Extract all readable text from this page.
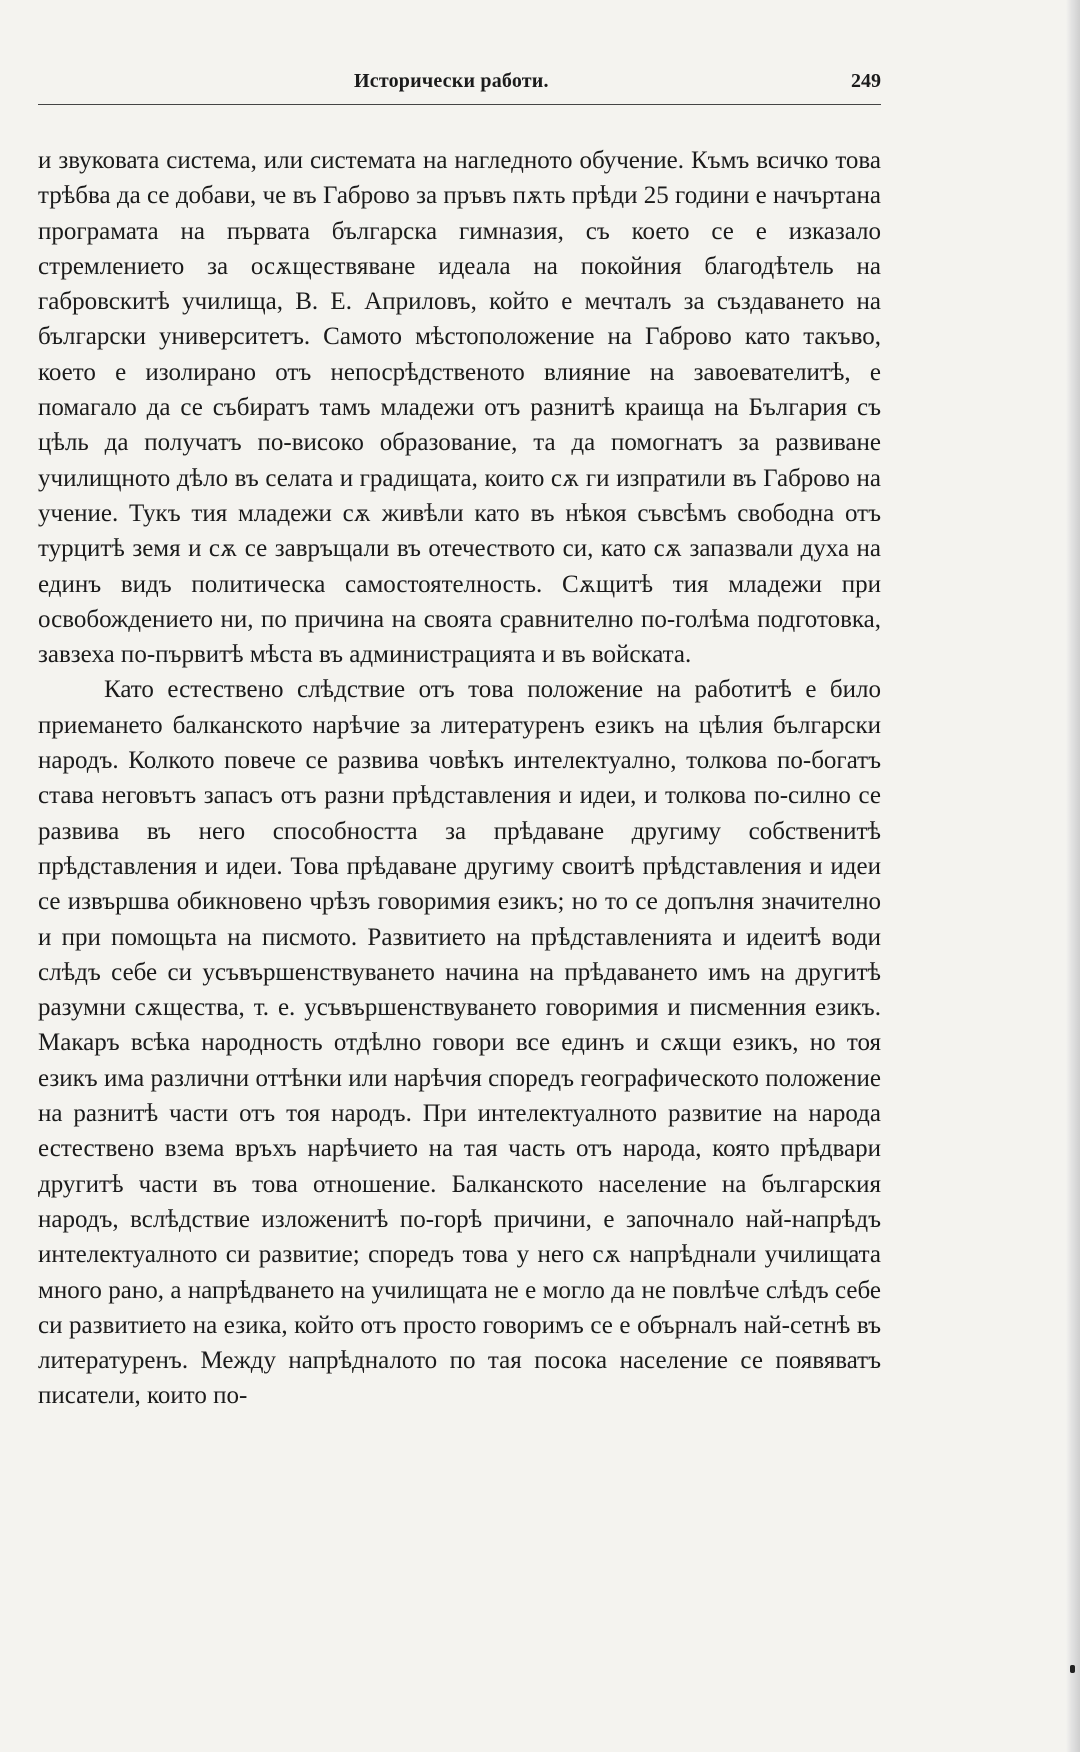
Исторически работи.	249

и звуковата система, или системата на нагледното обучение. Къмъ всичко това трѣбва да се добави, че въ Габрово за пръвъ пѫть прѣди 25 години е начъртана програмата на първата българска гимназия, съ което се е изказало стремлението за осѫществяване идеала на покойния благодѣтель на габровскитѣ училища, В. Е. Априловъ, който е мечталъ за създаването на български университетъ. Самото мѣстоположение на Габрово като такъво, което е изолирано отъ непосрѣдственото влияние на завоевателитѣ, е помагало да се събиратъ тамъ младежи отъ разнитѣ краища на България съ цѣль да получатъ по-високо образование, та да помогнатъ за развиване училищното дѣло въ селата и градищата, които сѫ ги изпратили въ Габрово на учение. Тукъ тия младежи сѫ живѣли като въ нѣкоя съвсѣмъ свободна отъ турцитѣ земя и сѫ се завръщали въ отечеството си, като сѫ запазвали духа на единъ видъ политическа самостоятелность. Сѫщитѣ тия младежи при освобождението ни, по причина на своята сравнително по-голѣма подготовка, завзеха по-първитѣ мѣста въ администрацията и въ войската.

Като естествено слѣдствие отъ това положение на работитѣ е било приемането балканското нарѣчие за литературенъ езикъ на цѣлия български народъ. Колкото повече се развива човѣкъ интелектуално, толкова по-богатъ става неговътъ запасъ отъ разни прѣдставления и идеи, и толкова по-силно се развива въ него способността за прѣдаване другиму собственитѣ прѣдставления и идеи. Това прѣдаване другиму своитѣ прѣдставления и идеи се извършва обикновено чрѣзъ говоримия езикъ; но то се допълня значително и при помощьта на писмото. Развитието на прѣдставленията и идеитѣ води слѣдъ себе си усъвършенствуването начина на прѣдаването имъ на другитѣ разумни сѫщества, т. е. усъвършенствуването говоримия и писменния езикъ. Макаръ всѣка народность отдѣлно говори все единъ и сѫщи езикъ, но тоя езикъ има различни оттѣнки или нарѣчия споредъ географическото положение на разнитѣ части отъ тоя народъ. При интелектуалното развитие на народа естествено взема връхъ нарѣчието на тая часть отъ народа, която прѣдвари другитѣ части въ това отношение. Балканското население на българския народъ, вслѣдствие изложенитѣ по-горѣ причини, е започнало най-напрѣдъ интелектуалното си развитие; споредъ това у него сѫ напрѣднали училищата много рано, а напрѣдването на училищата не е могло да не повлѣче слѣдъ себе си развитието на езика, който отъ просто говоримъ се е обърналъ най-сетнѣ въ литературенъ. Между напрѣдналото по тая посока население се появяватъ писатели, които по-
